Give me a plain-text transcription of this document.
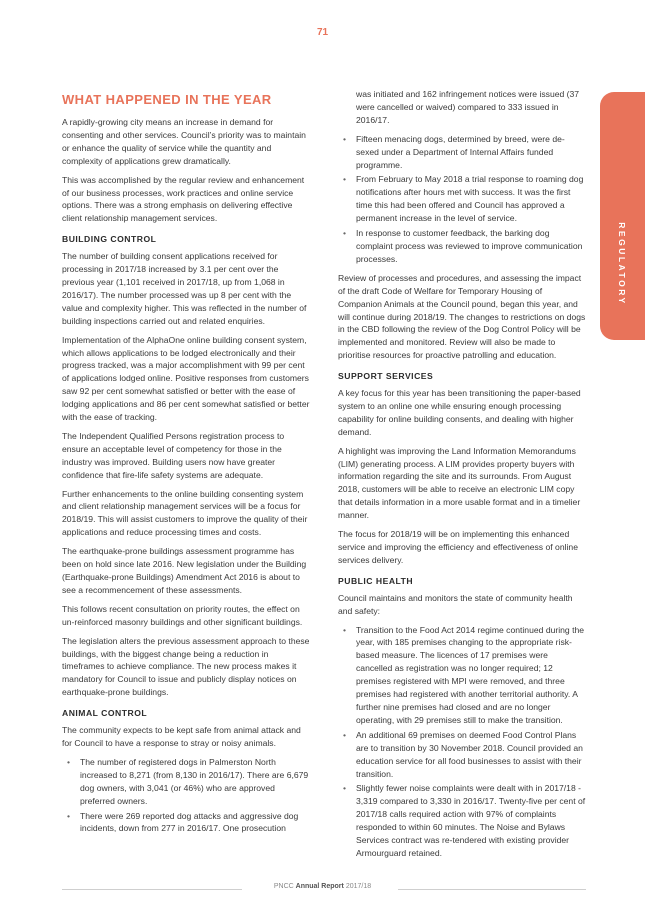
71
REGULATORY
WHAT HAPPENED IN THE YEAR

A rapidly-growing city means an increase in demand for consenting and other services. Council’s priority was to maintain or enhance the quality of service while the quantity and complexity of applications grew dramatically.

This was accomplished by the regular review and enhancement of our business processes, work practices and online service options. There was a strong emphasis on delivering effective client relationship management services.

BUILDING CONTROL

The number of building consent applications received for processing in 2017/18 increased by 3.1 per cent over the previous year (1,101 received in 2017/18, up from 1,068 in 2016/17). The number processed was up 8 per cent with the value and complexity higher. This was reflected in the number of building inspections carried out and related enquiries.

Implementation of the AlphaOne online building consent system, which allows applications to be lodged electronically and their progress tracked, was a major accomplishment with 99 per cent of applications lodged online. Positive responses from customers saw 92 per cent somewhat satisfied or better with the ease of lodging applications and 86 per cent somewhat satisfied or better with the ease of tracking.

The Independent Qualified Persons registration process to ensure an acceptable level of competency for those in the industry was improved. Building users now have greater confidence that fire-life safety systems are adequate.

Further enhancements to the online building consenting system and client relationship management services will be a focus for 2018/19. This will assist customers to improve the quality of their applications and reduce processing times and costs.

The earthquake-prone buildings assessment programme has been on hold since late 2016. New legislation under the Building (Earthquake-prone Buildings) Amendment Act 2016 is about to see a recommencement of these assessments.

This follows recent consultation on priority routes, the effect on un-reinforced masonry buildings and other significant buildings.

The legislation alters the previous assessment approach to these buildings, with the biggest change being a reduction in timeframes to achieve compliance. The new process makes it mandatory for Council to issue and publicly display notices on earthquake-prone buildings.

ANIMAL CONTROL

The community expects to be kept safe from animal attack and for Council to have a response to stray or noisy animals.

• The number of registered dogs in Palmerston North increased to 8,271 (from 8,130 in 2016/17). There are 6,679 dog owners, with 3,041 (or 46%) who are approved preferred owners.
• There were 269 reported dog attacks and aggressive dog incidents, down from 277 in 2016/17. One prosecution
was initiated and 162 infringement notices were issued (37 were cancelled or waived) compared to 333 issued in 2016/17.
• Fifteen menacing dogs, determined by breed, were de-sexed under a Department of Internal Affairs funded programme.
• From February to May 2018 a trial response to roaming dog notifications after hours met with success. It was the first time this had been offered and Council has approved a permanent increase in the level of service.
• In response to customer feedback, the barking dog complaint process was reviewed to improve communication processes.

Review of processes and procedures, and assessing the impact of the draft Code of Welfare for Temporary Housing of Companion Animals at the Council pound, began this year, and will continue during 2018/19. The changes to restrictions on dogs in the CBD following the review of the Dog Control Policy will be implemented and monitored. Review will also be made to prioritise resources for proactive patrolling and education.

SUPPORT SERVICES

A key focus for this year has been transitioning the paper-based system to an online one while ensuring enough processing capability for online building consents, and dealing with higher demand.

A highlight was improving the Land Information Memorandums (LIM) generating process. A LIM provides property buyers with information regarding the site and its surrounds. From August 2018, customers will be able to receive an electronic LIM copy that details information in a more usable format and in a timelier manner.

The focus for 2018/19 will be on implementing this enhanced service and improving the efficiency and effectiveness of online services delivery.

PUBLIC HEALTH

Council maintains and monitors the state of community health and safety:

• Transition to the Food Act 2014 regime continued during the year, with 185 premises changing to the appropriate risk-based measure. The licences of 17 premises were cancelled as registration was no longer required; 12 premises registered with MPI were removed, and three premises had registered with another territorial authority. A further nine premises had closed and are no longer operating, with 29 premises still to make the transition.
• An additional 69 premises on deemed Food Control Plans are to transition by 30 November 2018. Council provided an education service for all food businesses to assist with their transition.
• Slightly fewer noise complaints were dealt with in 2017/18 - 3,319 compared to 3,330 in 2016/17. Twenty-five per cent of 2017/18 calls required action with 97% of complaints responded to within 60 minutes. The Noise and Bylaws Services contract was re-tendered with existing provider Armourguard retained.
PNCC Annual Report 2017/18
